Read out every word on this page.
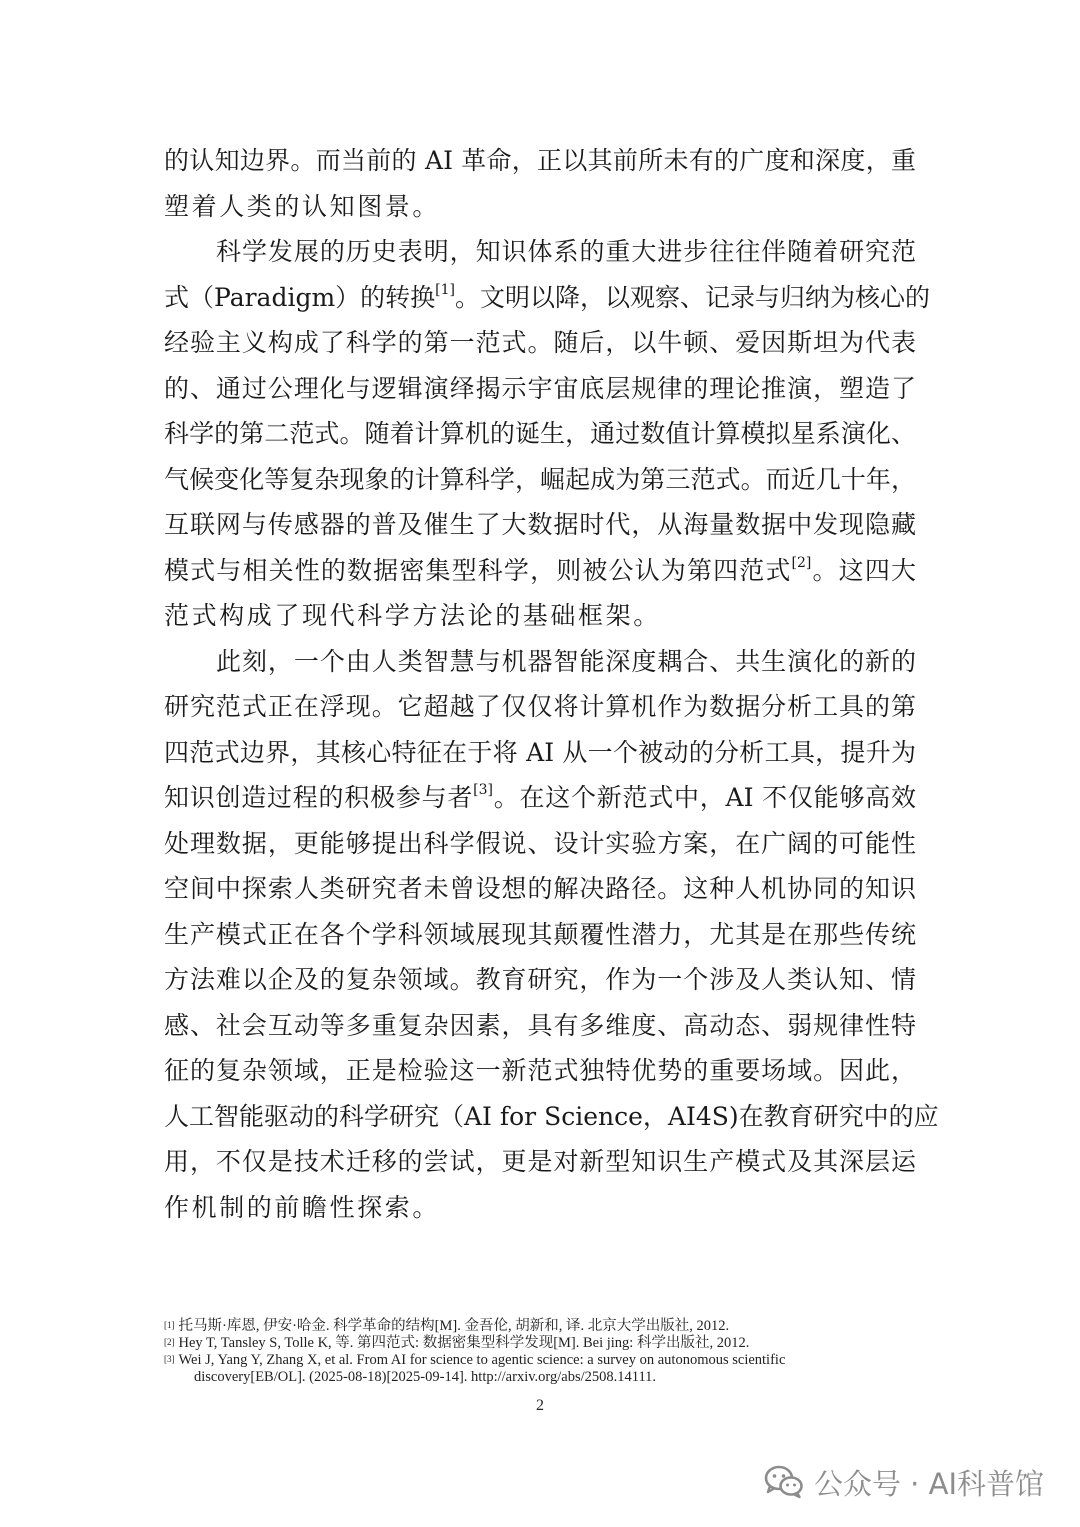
的认知边界。而当前的 AI 革命，正以其前所未有的广度和深度，重
塑着人类的认知图景。
科学发展的历史表明，知识体系的重大进步往往伴随着研究范
式（Paradigm）的转换[1]。文明以降，以观察、记录与归纳为核心的
经验主义构成了科学的第一范式。随后，以牛顿、爱因斯坦为代表
的、通过公理化与逻辑演绎揭示宇宙底层规律的理论推演，塑造了
科学的第二范式。随着计算机的诞生，通过数值计算模拟星系演化、
气候变化等复杂现象的计算科学，崛起成为第三范式。而近几十年，
互联网与传感器的普及催生了大数据时代，从海量数据中发现隐藏
模式与相关性的数据密集型科学，则被公认为第四范式[2]。这四大
范式构成了现代科学方法论的基础框架。
此刻，一个由人类智慧与机器智能深度耦合、共生演化的新的
研究范式正在浮现。它超越了仅仅将计算机作为数据分析工具的第
四范式边界，其核心特征在于将 AI 从一个被动的分析工具，提升为
知识创造过程的积极参与者[3]。在这个新范式中，AI 不仅能够高效
处理数据，更能够提出科学假说、设计实验方案，在广阔的可能性
空间中探索人类研究者未曾设想的解决路径。这种人机协同的知识
生产模式正在各个学科领域展现其颠覆性潜力，尤其是在那些传统
方法难以企及的复杂领域。教育研究，作为一个涉及人类认知、情
感、社会互动等多重复杂因素，具有多维度、高动态、弱规律性特
征的复杂领域，正是检验这一新范式独特优势的重要场域。因此，
人工智能驱动的科学研究（AI for Science，AI4S)在教育研究中的应
用，不仅是技术迁移的尝试，更是对新型知识生产模式及其深层运
作机制的前瞻性探索。
[1] 托马斯·库恩, 伊安·哈金. 科学革命的结构[M]. 金吾伦, 胡新和, 译. 北京大学出版社, 2012.
[2] Hey T, Tansley S, Tolle K, 等. 第四范式: 数据密集型科学发现[M]. Bei jing: 科学出版社, 2012.
[3] Wei J, Yang Y, Zhang X, et al. From AI for science to agentic science: a survey on autonomous scientific
discovery[EB/OL]. (2025-08-18)[2025-09-14]. http://arxiv.org/abs/2508.14111.
2
公众号 · AI科普馆
